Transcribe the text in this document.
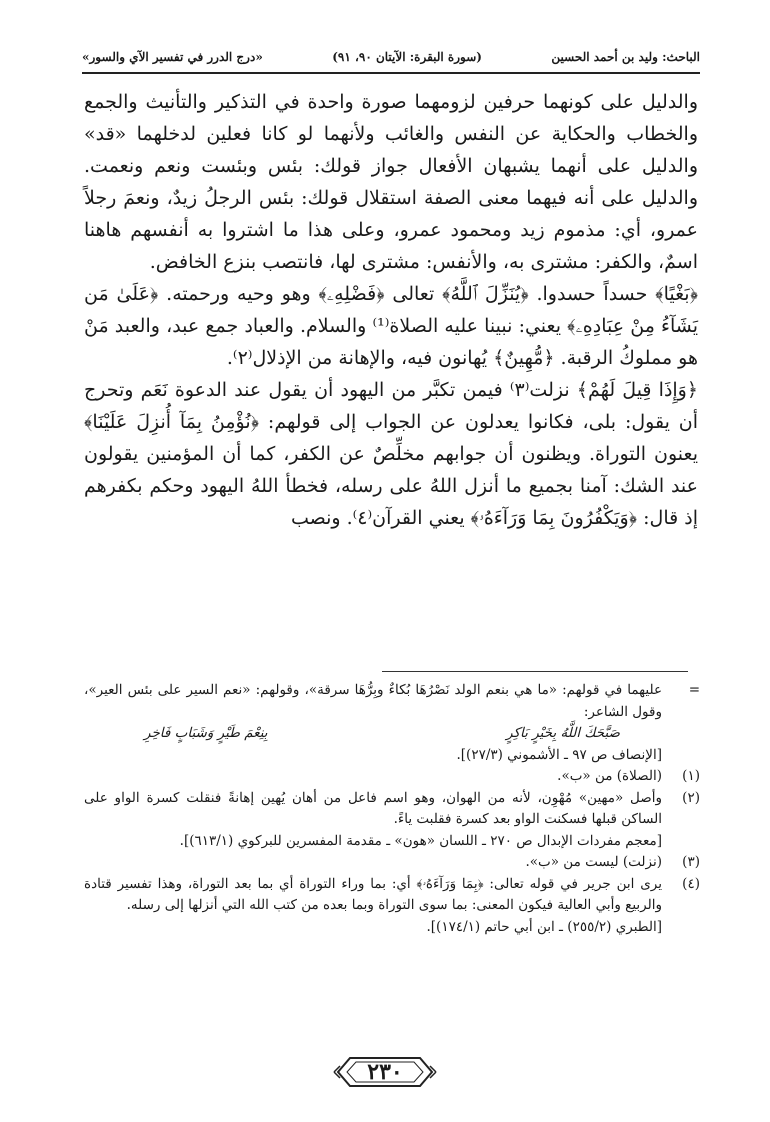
الباحث: وليد بن أحمد الحسين
(سورة البقرة: الآيتان ٩٠، ٩١)
«درج الدرر في تفسير الآي والسور»

والدليل على كونهما حرفين لزومهما صورة واحدة في التذكير والتأنيث والجمع والخطاب والحكاية عن النفس والغائب ولأنهما لو كانا فعلين لدخلهما «قد» والدليل على أنهما يشبهان الأفعال جواز قولك: بئس وبئست ونعم ونعمت. والدليل على أنه فيهما معنى الصفة استقلال قولك: بئس الرجلُ زيدٌ، ونعمَ رجلاً عمرو، أي: مذموم زيد ومحمود عمرو، وعلى هذا ما اشتروا به أنفسهم هاهنا اسمٌ، والكفر: مشترى به، والأنفس: مشترى لها، فانتصب بنزع الخافض.

﴿بَغْيًا﴾ حسداً حسدوا. ﴿يُنَزِّلَ ٱللَّهُ﴾ تعالى ﴿فَضْلِهِۦ﴾ وهو وحيه ورحمته. ﴿عَلَىٰ مَن يَشَآءُ مِنْ عِبَادِهِۦ﴾ يعني: نبينا عليه الصلاة⁽¹⁾ والسلام. والعباد جمع عبد، والعبد مَنْ هو مملوكُ الرقبة. ﴿مُّهِينٌ﴾ يُهانون فيه، والإهانة من الإذلال⁽٢⁾.

﴿وَإِذَا قِيلَ لَهُمْ﴾ نزلت⁽٣⁾ فيمن تكبَّر من اليهود أن يقول عند الدعوة نَعَم وتحرج أن يقول: بلى، فكانوا يعدلون عن الجواب إلى قولهم: ﴿نُؤْمِنُ بِمَآ أُنزِلَ عَلَيْنَا﴾ يعنون التوراة. ويظنون أن جوابهم مخلِّصٌ عن الكفر، كما أن المؤمنين يقولون عند الشك: آمنا بجميع ما أنزل اللهُ على رسله، فخطأ اللهُ اليهود وحكم بكفرهم إذ قال: ﴿وَيَكْفُرُونَ بِمَا وَرَآءَهُۥ﴾ يعني القرآن⁽٤⁾. ونصب

=
عليهما في قولهم: «ما هي بنعم الولد نَصْرُهَا بُكاءٌ وبِرُّهَا سرقة»، وقولهم: «نعم السير على بئس العير»، وقول الشاعر:
صَبَّحَكَ اللَّهُ بِخَيْرٍ بَاكِرٍ
بِنِعْمَ طَيْرٍ وَشَبَابٍ فَاخِرِ
[الإنصاف ص ٩٧ ـ الأشموني (٢٧/٣)].
(١)
(الصلاة) من «ب».
(٢)
وأصل «مهين» مُهْوِن، لأنه من الهوان، وهو اسم فاعل من أهان يُهين إهانةً فنقلت كسرة الواو على الساكن قبلها فسكنت الواو بعد كسرة فقلبت ياءً.
[معجم مفردات الإبدال ص ٢٧٠ ـ اللسان «هون» ـ مقدمة المفسرين للبركوي (٦١٣/١)].
(٣)
(نزلت) ليست من «ب».
(٤)
يرى ابن جرير في قوله تعالى: ﴿بِمَا وَرَآءَهُۥ﴾ أي: بما وراء التوراة أي بما بعد التوراة، وهذا تفسير قتادة والربيع وأبي العالية فيكون المعنى: بما سوى التوراة وبما بعده من كتب الله التي أنزلها إلى رسله.
[الطبري (٢٥٥/٢) ـ ابن أبي حاتم (١٧٤/١)].
٢٣٠
